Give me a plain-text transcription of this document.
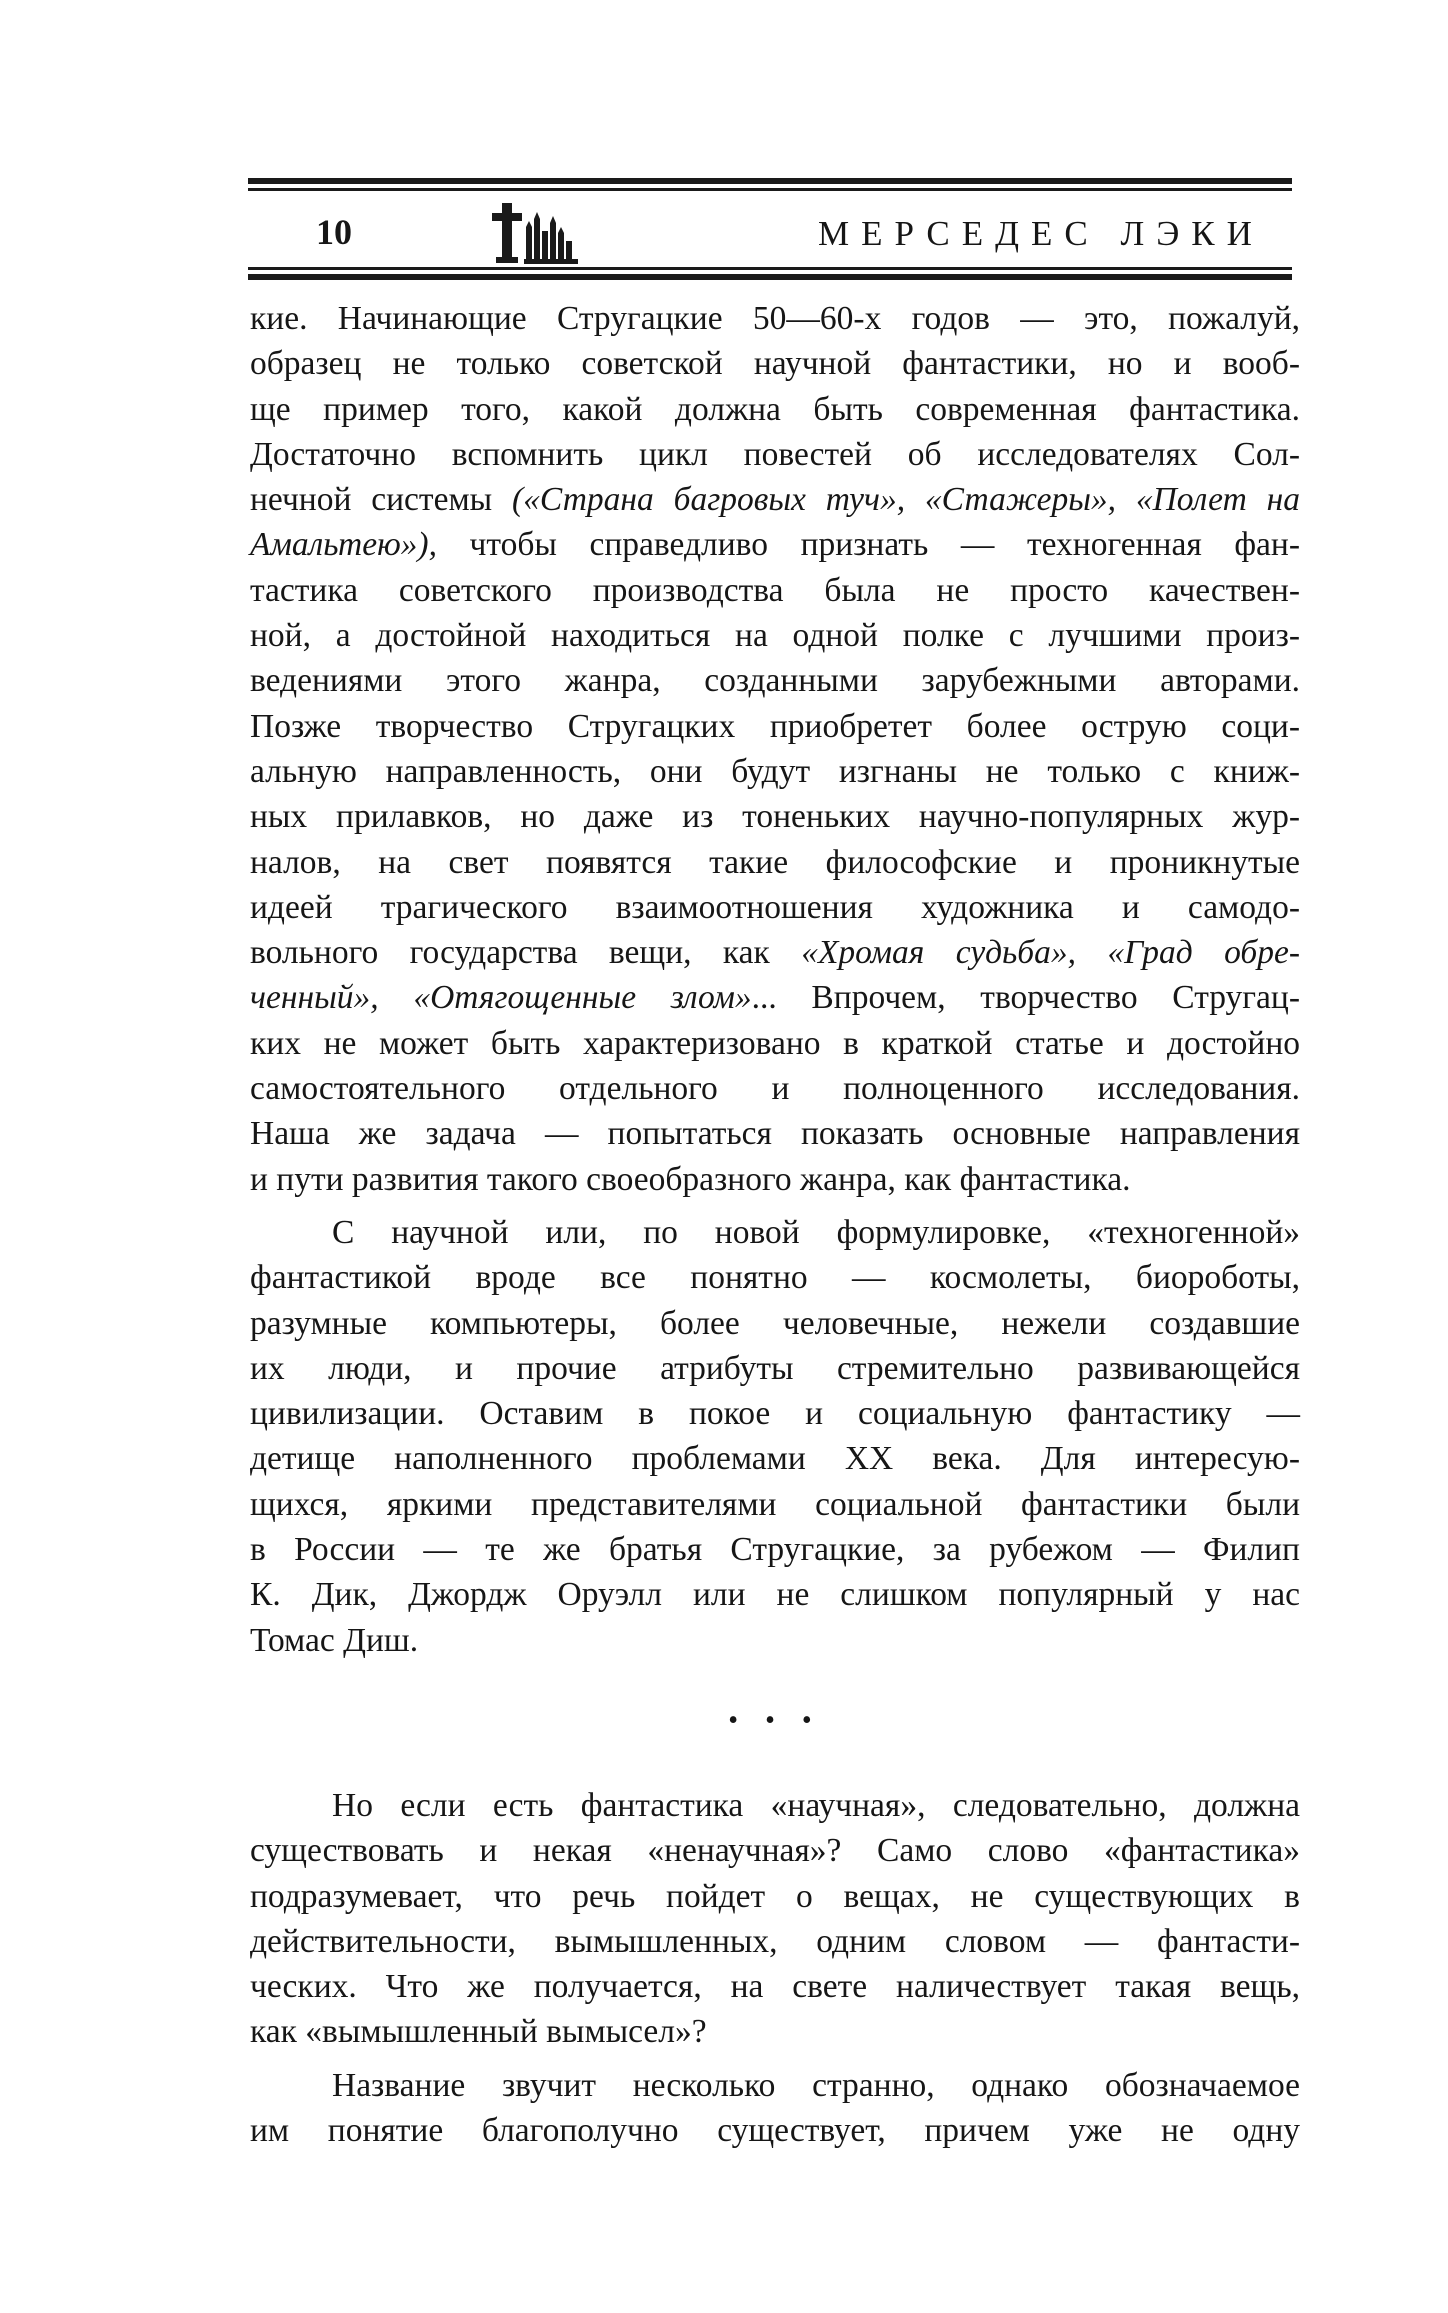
10	МЕРСЕДЕС ЛЭКИ
кие. Начинающие Стругацкие 50—60-х годов — это, пожалуй,
образец не только советской научной фантастики, но и вооб-
ще пример того, какой должна быть современная фантастика.
Достаточно вспомнить цикл повестей об исследователях Сол-
нечной системы («Страна багровых туч», «Стажеры», «Полет на
Амальтею»), чтобы справедливо признать — техногенная фан-
тастика советского производства была не просто качествен-
ной, а достойной находиться на одной полке с лучшими произ-
ведениями этого жанра, созданными зарубежными авторами.
Позже творчество Стругацких приобретет более острую соци-
альную направленность, они будут изгнаны не только с книж-
ных прилавков, но даже из тоненьких научно-популярных жур-
налов, на свет появятся такие философские и проникнутые
идеей трагического взаимоотношения художника и самодо-
вольного государства вещи, как «Хромая судьба», «Град обре-
ченный», «Отягощенные злом»... Впрочем, творчество Стругац-
ких не может быть характеризовано в краткой статье и достойно
самостоятельного отдельного и полноценного исследования.
Наша же задача — попытаться показать основные направления
и пути развития такого своеобразного жанра, как фантастика.
С научной или, по новой формулировке, «техногенной»
фантастикой вроде все понятно — космолеты, биороботы,
разумные компьютеры, более человечные, нежели создавшие
их люди, и прочие атрибуты стремительно развивающейся
цивилизации. Оставим в покое и социальную фантастику —
детище наполненного проблемами XX века. Для интересую-
щихся, яркими представителями социальной фантастики были
в России — те же братья Стругацкие, за рубежом — Филип
К. Дик, Джордж Оруэлл или не слишком популярный у нас
Томас Диш.
• • •
Но если есть фантастика «научная», следовательно, должна
существовать и некая «ненаучная»? Само слово «фантастика»
подразумевает, что речь пойдет о вещах, не существующих в
действительности, вымышленных, одним словом — фантасти-
ческих. Что же получается, на свете наличествует такая вещь,
как «вымышленный вымысел»?
Название звучит несколько странно, однако обозначаемое
им понятие благополучно существует, причем уже не одну
